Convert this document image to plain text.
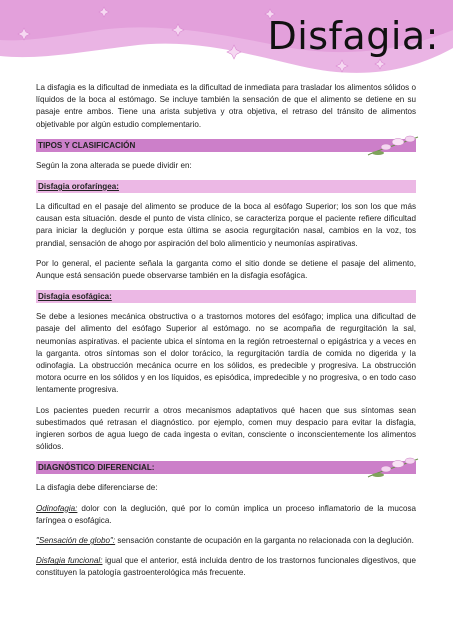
Disfagia:

La disfagia es la dificultad de inmediata es la dificultad de inmediata para trasladar los alimentos sólidos o líquidos de la boca al estómago. Se incluye también la sensación de que el alimento se detiene en su pasaje entre ambos. Tiene una arista subjetiva y otra objetiva, el retraso del tránsito de alimentos objetivable por algún estudio complementario.

TIPOS Y CLASIFICACIÓN

Según la zona alterada se puede dividir en:

Disfagia orofaríngea:

La dificultad en el pasaje del alimento se produce de la boca al esófago Superior; los son los que más causan esta situación. desde el punto de vista clínico, se caracteriza porque el paciente refiere dificultad para iniciar la deglución y porque esta última se asocia regurgitación nasal, cambios en la voz, tos prandial, sensación de ahogo por aspiración del bolo alimenticio y neumonías aspirativas.

Por lo general, el paciente señala la garganta como el sitio donde se detiene el pasaje del alimento, Aunque está sensación puede observarse también en la disfagia esofágica.

Disfagia esofágica:

Se debe a lesiones mecánica obstructiva o a trastornos motores del esófago; implica una dificultad de pasaje del alimento del esófago Superior al estómago. no se acompaña de regurgitación la sal, neumonías aspirativas. el paciente ubica el síntoma en la región retroesternal o epigástrica y a veces en la garganta. otros síntomas son el dolor torácico, la regurgitación tardía de comida no digerida y la odinofagia. La obstrucción mecánica ocurre en los sólidos, es predecible y progresiva. La obstrucción motora ocurre en los sólidos y en los líquidos, es episódica, impredecible y no progresiva, o en todo caso lentamente progresiva.

Los pacientes pueden recurrir a otros mecanismos adaptativos qué hacen que sus síntomas sean subestimados qué retrasan el diagnóstico. por ejemplo, comen muy despacio para evitar la disfagia, ingieren sorbos de agua luego de cada ingesta o evitan, consciente o inconscientemente los alimentos sólidos.

DIAGNÓSTICO DIFERENCIAL:

La disfagia debe diferenciarse de:

Odinofagia: dolor con la deglución, qué por lo común implica un proceso inflamatorio de la mucosa faríngea o esofágica.

"Sensación de globo": sensación constante de ocupación en la garganta no relacionada con la deglución.

Disfagia funcional: igual que el anterior, está incluida dentro de los trastornos funcionales digestivos, que constituyen la patología gastroenterológica más frecuente.
